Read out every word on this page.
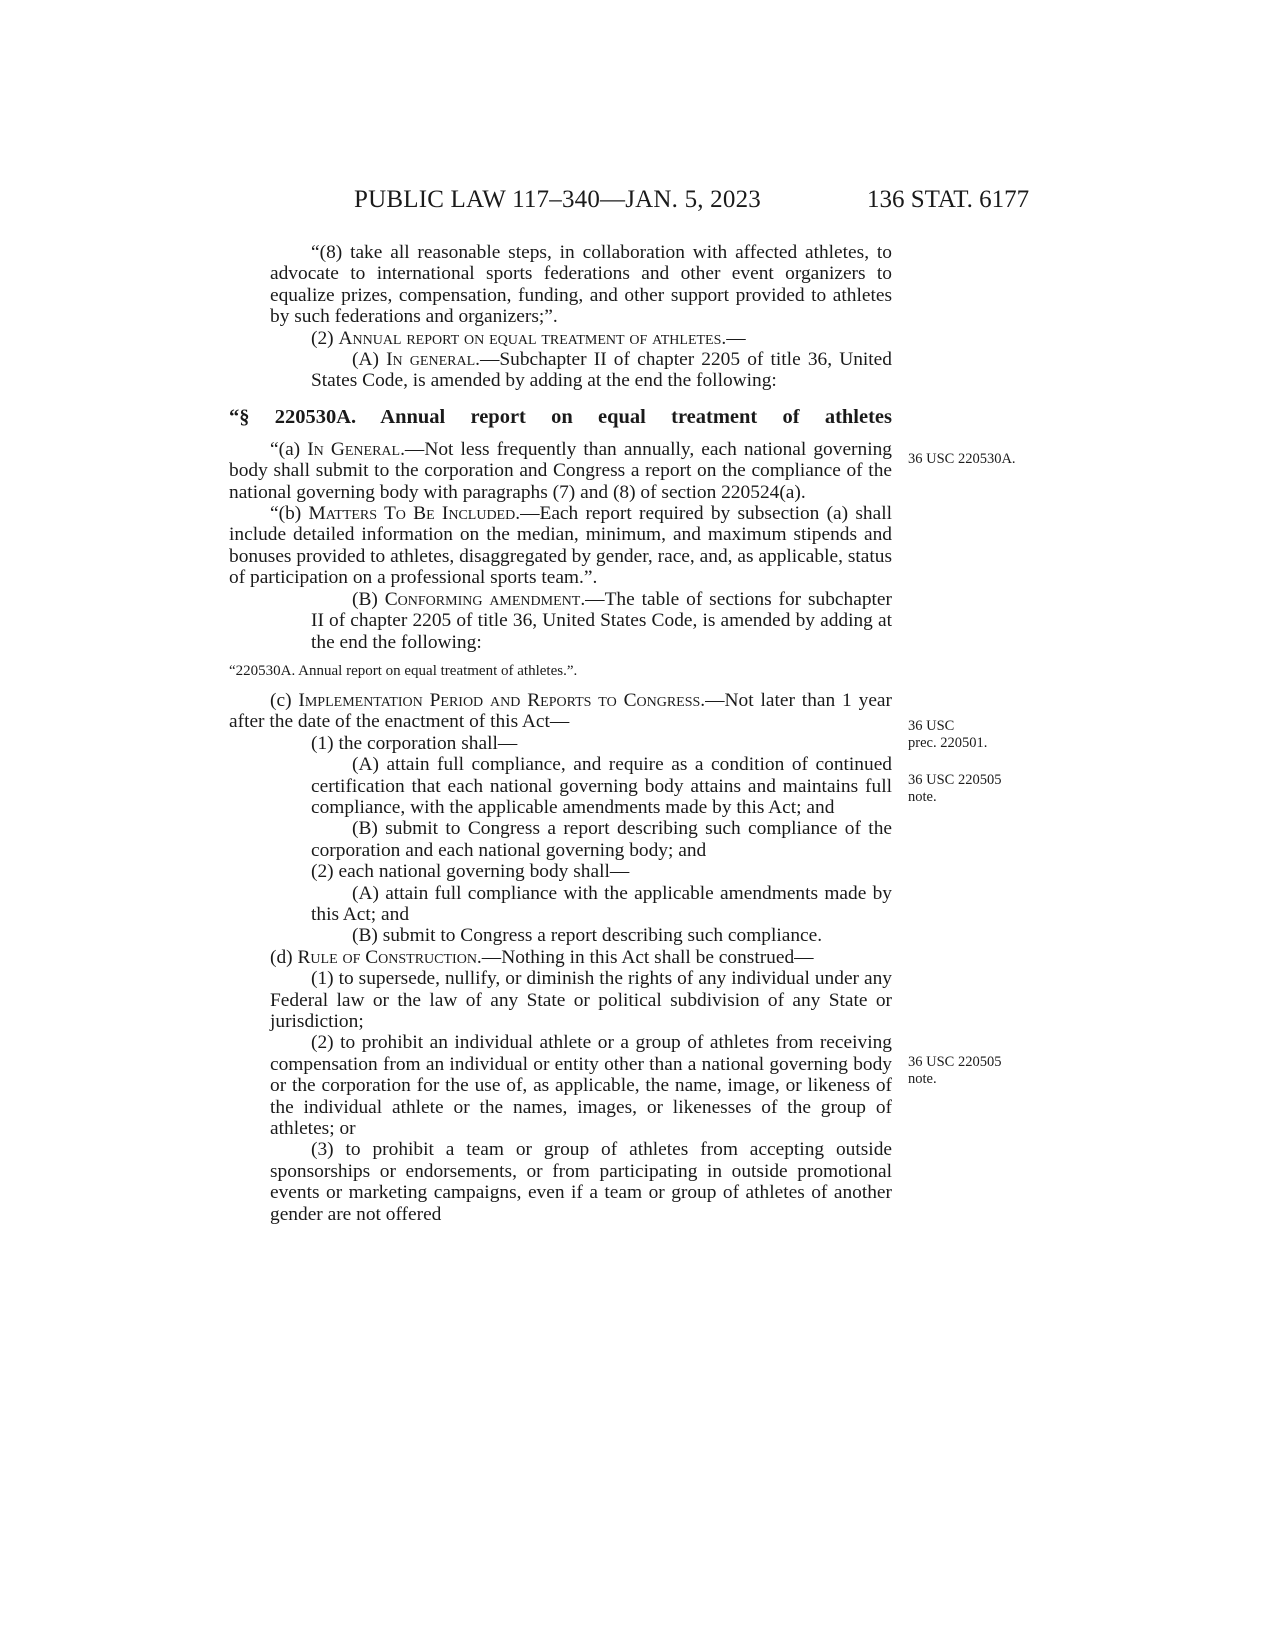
PUBLIC LAW 117–340—JAN. 5, 2023	136 STAT. 6177

“(8) take all reasonable steps, in collaboration with affected athletes, to advocate to international sports federations and other event organizers to equalize prizes, compensation, funding, and other support provided to athletes by such federations and organizers;”.

(2) Annual report on equal treatment of athletes.—

(A) In general.—Subchapter II of chapter 2205 of title 36, United States Code, is amended by adding at the end the following:

“§ 220530A. Annual report on equal treatment of athletes

“(a) In General.—Not less frequently than annually, each national governing body shall submit to the corporation and Congress a report on the compliance of the national governing body with paragraphs (7) and (8) of section 220524(a).

“(b) Matters To Be Included.—Each report required by subsection (a) shall include detailed information on the median, minimum, and maximum stipends and bonuses provided to athletes, disaggregated by gender, race, and, as applicable, status of participation on a professional sports team.”.

(B) Conforming amendment.—The table of sections for subchapter II of chapter 2205 of title 36, United States Code, is amended by adding at the end the following:

“220530A. Annual report on equal treatment of athletes.”.

(c) Implementation Period and Reports to Congress.—Not later than 1 year after the date of the enactment of this Act—

(1) the corporation shall—

(A) attain full compliance, and require as a condition of continued certification that each national governing body attains and maintains full compliance, with the applicable amendments made by this Act; and

(B) submit to Congress a report describing such compliance of the corporation and each national governing body; and

(2) each national governing body shall—

(A) attain full compliance with the applicable amendments made by this Act; and

(B) submit to Congress a report describing such compliance.

(d) Rule of Construction.—Nothing in this Act shall be construed—

(1) to supersede, nullify, or diminish the rights of any individual under any Federal law or the law of any State or political subdivision of any State or jurisdiction;

(2) to prohibit an individual athlete or a group of athletes from receiving compensation from an individual or entity other than a national governing body or the corporation for the use of, as applicable, the name, image, or likeness of the individual athlete or the names, images, or likenesses of the group of athletes; or

(3) to prohibit a team or group of athletes from accepting outside sponsorships or endorsements, or from participating in outside promotional events or marketing campaigns, even if a team or group of athletes of another gender are not offered

36 USC 220530A.
36 USC
prec. 220501.
36 USC 220505
note.
36 USC 220505
note.
